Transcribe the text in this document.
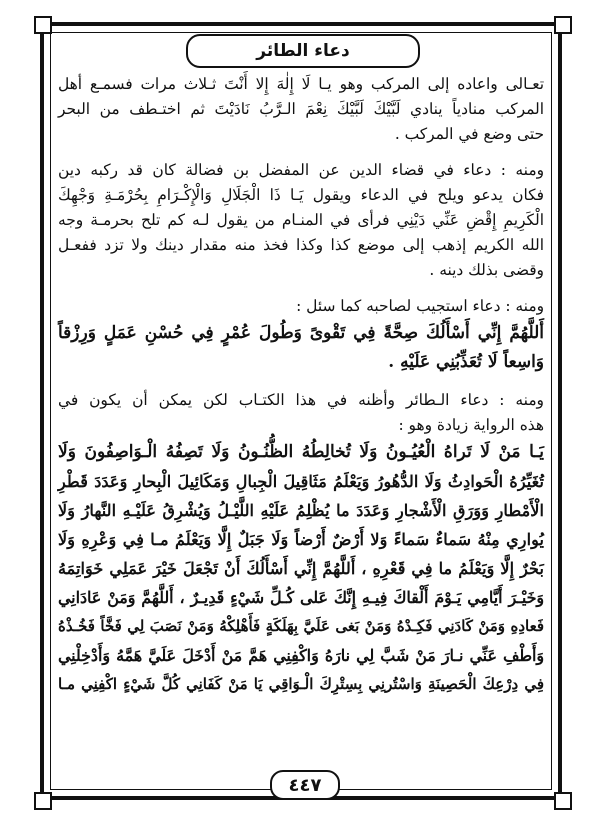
دعاء الطائر
تعـالى واعاده إلى المركب وهو يـا لَا إِلٰهَ إِلا أَنْتَ ثـلاث مرات فسمـع أهل
المركب منادياً ينادي لَبَّيْكَ لَبَّيْكَ نِعْمَ الـرَّبُ نَادَيْتَ ثم اختـطف من البحر
حتى وضع في المركب .
ومنه : دعاء في قضاء الدين عن المفضل بن فضالة كان قد ركبه دين
فكان يدعو ويلح في الدعاء ويقول يَـا ذَا الْجَلَالِ وَالْإِكْـرَامِ بِحُرْمَـةِ وَجْهِكَ
الْكَرِيمِ إِقْضِ عَنِّي دَيْنِي فرأى في المنـام من يقول لـه كم تلح بحرمـة وجه
الله الكريم إذهب إلى موضع كذا وكذا فخذ منه مقدار دينك ولا تزد ففعـل
وقضى بذلك دينه .
ومنه : دعاء استجيب لصاحبه كما سئل :
أَللَّهُمَّ إِنِّي أَسْأَلُكَ صِحَّةً فِي تَقْوىً وَطُولَ عُمْرٍ فِي حُسْنِ عَمَلٍ وَرِزْقاً
وَاسِعاً لَا تُعَذِّبُنِي عَلَيْهِ .
ومنه : دعاء الـطائر وأظنه في هذا الكتـاب لكن يمكن أن يكون في
هذه الرواية زيادة وهو :
يَـا مَنْ لَا تَراهُ الْعُيُـونُ وَلَا تُخالِطُهُ الظُّنُـونُ وَلَا تَصِفُهُ الْـوَاصِفُونَ وَلَا
تُغَيِّرُهُ الْحَوادِثُ وَلَا الدُّهُورُ وَيَعْلَمُ مَثَاقِيلَ الْجِبالِ وَمَكَائِيلَ الْبِحارِ وَعَدَدَ قَطْرِ
الْأَمْطارِ وَوَرَقِ الْأَشْجارِ وَعَدَدَ ما يُظْلِمُ عَلَيْهِ اللَّيْـلُ وَيُشْرِقُ عَلَيْـهِ النَّهارُ وَلَا
يُوارِي مِنْهُ سَماءٌ سَماءً وَلا أَرْضٌ أَرْضاً وَلَا جَبَلٌ إِلَّا وَيَعْلَمُ مـا فِي وَعْرِهِ وَلَا
بَحْرٌ إِلَّا وَيَعْلَمُ ما فِي قَعْرِهِ ، أَللَّهُمَّ إِنِّي أَسْأَلُكَ أَنْ تَجْعَلَ خَيْرَ عَمَلِي خَوَاتِمَهُ
وَخَيْـرَ أَيَّامِي يَـوْمَ أَلْقاكَ فِيـهِ إِنَّكَ عَلى كُـلِّ شَيْءٍ قَدِيـرٌ ، أَللَّهُمَّ وَمَنْ عَادَانِي
فَعادِهِ وَمَنْ كَادَنِي فَكِـدْهُ وَمَنْ بَغى عَلَيَّ بِهَلَكَةٍ فَأَهْلِكْهُ وَمَنْ نَصَبَ لِي فَخَّاً فَخُـذْهُ
وَأَطْفِ عَنِّي نـارَ مَنْ شَبَّ لِي نارَهُ وَاكْفِنِي هَمَّ مَنْ أَدْخَلَ عَلَيَّ هَمَّهُ وَأَدْخِلْنِي
فِي دِرْعِكَ الْحَصِينَةِ وَاسْتُرنِي بِسِتْرِكَ الْـوَاقِي يَا مَنْ كَفَانِي كُلَّ شَيْءٍ اكْفِنِي مـا
٤٤٧
